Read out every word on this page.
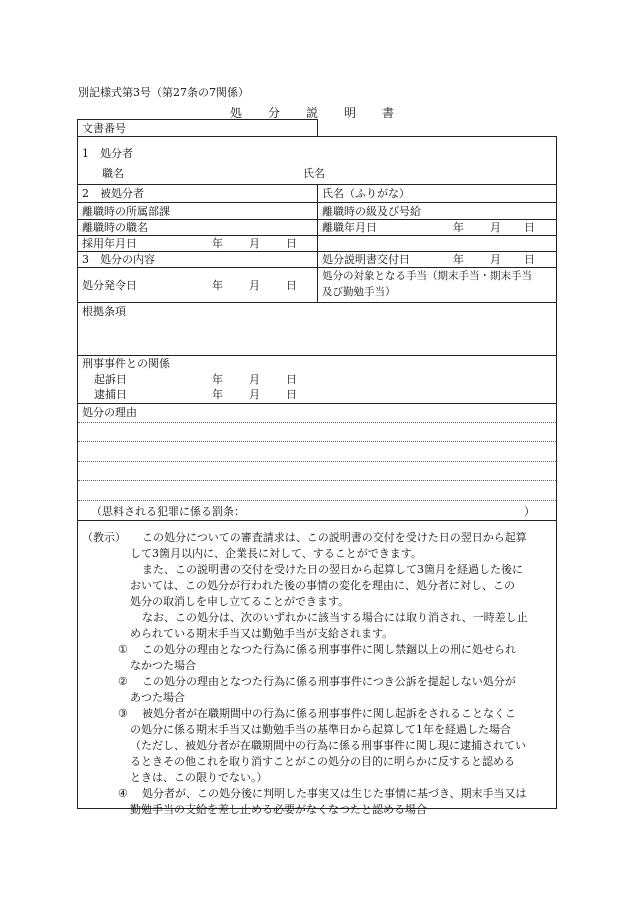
別記様式第3号（第27条の7関係）
処 分 説 明 書
文書番号
1　処分者
職名	氏名
2　被処分者	氏名（ふりがな）
離職時の所属部課	離職時の級及び号給
離職時の職名	離職年月日	年 月 日
採用年月日	年 月 日
3　処分の内容	処分説明書交付日	年 月 日
処分発令日	年 月 日
処分の対象となる手当（期末手当・期末手当
及び勤勉手当）
根拠条項
刑事事件との関係
起訴日	年 月 日
逮捕日	年 月 日
処分の理由
（思料される犯罪に係る罰条：	）
（教示） この処分についての審査請求は、この説明書の交付を受けた日の翌日から起算
して3箇月以内に、企業長に対して、することができます。
また、この説明書の交付を受けた日の翌日から起算して3箇月を経過した後に
おいては、この処分が行われた後の事情の変化を理由に、処分者に対し、この
処分の取消しを申し立てることができます。
なお、この処分は、次のいずれかに該当する場合には取り消され、一時差し止
められている期末手当又は勤勉手当が支給されます。
① この処分の理由となつた行為に係る刑事事件に関し禁錮以上の刑に処せられ
なかつた場合
② この処分の理由となつた行為に係る刑事事件につき公訴を提起しない処分が
あつた場合
③ 被処分者が在職期間中の行為に係る刑事事件に関し起訴をされることなくこ
の処分に係る期末手当又は勤勉手当の基準日から起算して1年を経過した場合
（ただし、被処分者が在職期間中の行為に係る刑事事件に関し現に逮捕されてい
るときその他これを取り消すことがこの処分の目的に明らかに反すると認める
ときは、この限りでない。）
④ 処分者が、この処分後に判明した事実又は生じた事情に基づき、期末手当又は
勤勉手当の支給を差し止める必要がなくなつたと認める場合
